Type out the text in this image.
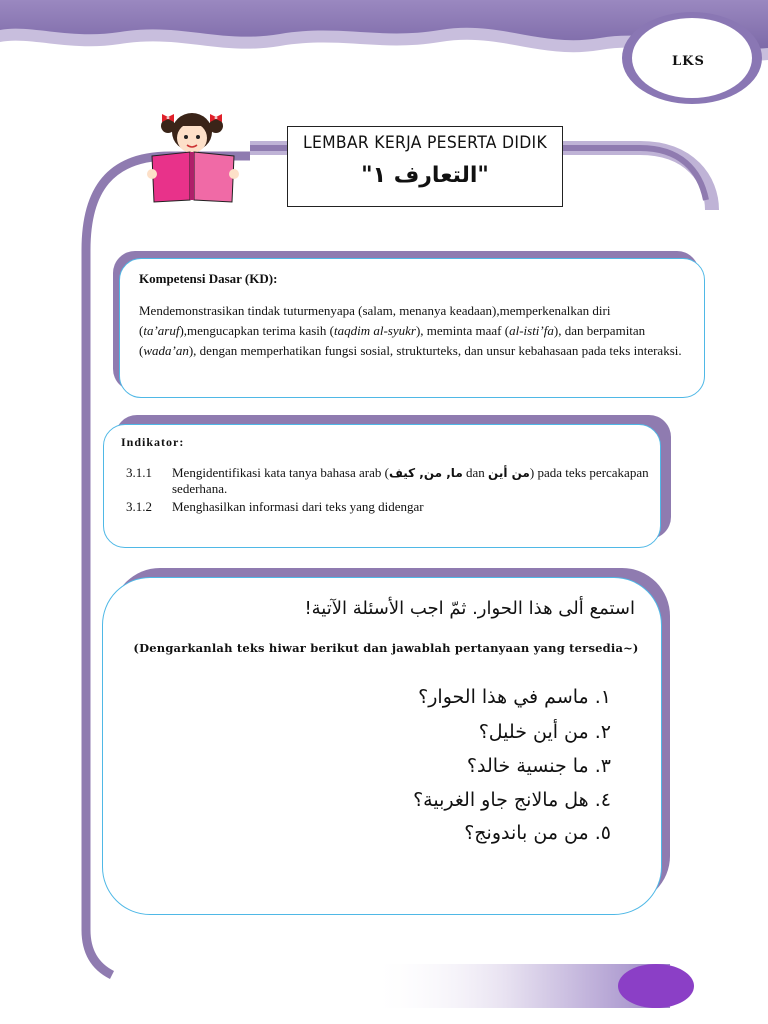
LKS
LEMBAR KERJA PESERTA DIDIK
"التعارف ١"
Kompetensi Dasar (KD):
Mendemonstrasikan tindak tuturmenyapa (salam, menanya keadaan),memperkenalkan diri (ta’aruf),mengucapkan terima kasih (taqdim al-syukr), meminta maaf (al-isti’fa), dan berpamitan (wada’an), dengan memperhatikan fungsi sosial, strukturteks, dan unsur kebahasaan pada teks interaksi.
Indikator:
3.1.1	Mengidentifikasi kata tanya bahasa arab (ما, من, كيف dan من أين) pada teks percakapan sederhana.
3.1.2	Menghasilkan informasi dari teks yang didengar
استمع ألى هذا الحوار. ثمّ اجب الأسئلة الآتية!
(Dengarkanlah teks hiwar berikut dan jawablah pertanyaan yang tersedia~)
١. ماسم في هذا الحوار؟
٢. من أين خليل؟
٣. ما جنسية خالد؟
٤. هل مالانج جاو الغربية؟
٥. من من باندونج؟
